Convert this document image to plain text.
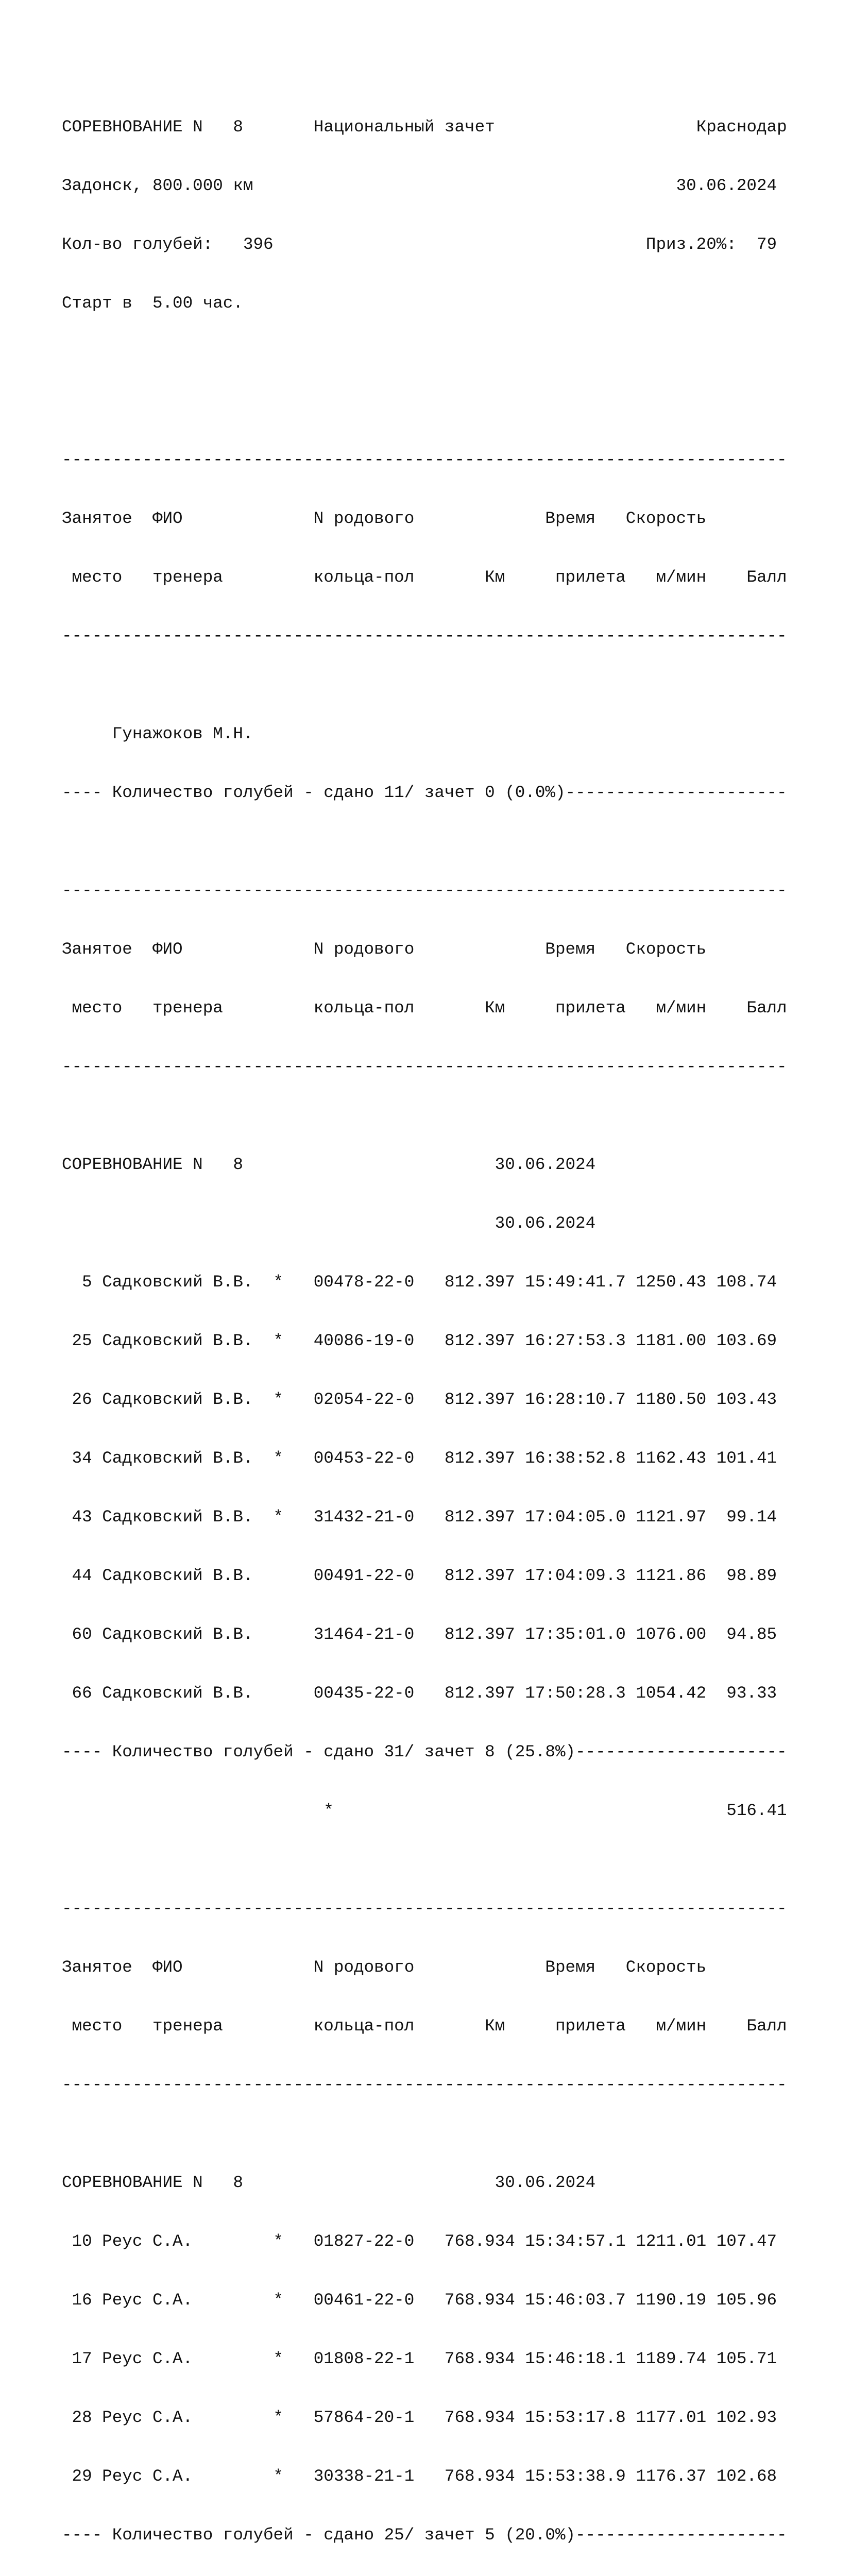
СОРЕВНОВАНИЕ N   8	Национальный зачет	Краснодар

Задонск, 800.000 км	30.06.2024

Кол-во голубей:   396	Приз.20%:  79

Старт в  5.00 час.

------------------------------------------------------------------------

Занятое  ФИО             N родового             Время   Скорость

место   тренера         кольца-пол       Км     прилета   м/мин    Балл

------------------------------------------------------------------------

Гунажоков М.Н.

---- Количество голубей - сдано 11/ зачет 0 (0.0%)----------------------

------------------------------------------------------------------------

Занятое  ФИО             N родового             Время   Скорость

место   тренера         кольца-пол       Км     прилета   м/мин    Балл

------------------------------------------------------------------------

СОРЕВНОВАНИЕ N   8                         30.06.2024

30.06.2024

5 Садковский В.В.  *   00478-22-0   812.397 15:49:41.7 1250.43 108.74

25 Садковский В.В.  *   40086-19-0   812.397 16:27:53.3 1181.00 103.69

26 Садковский В.В.  *   02054-22-0   812.397 16:28:10.7 1180.50 103.43

34 Садковский В.В.  *   00453-22-0   812.397 16:38:52.8 1162.43 101.41

43 Садковский В.В.  *   31432-21-0   812.397 17:04:05.0 1121.97  99.14

44 Садковский В.В.      00491-22-0   812.397 17:04:09.3 1121.86  98.89

60 Садковский В.В.      31464-21-0   812.397 17:35:01.0 1076.00  94.85

66 Садковский В.В.      00435-22-0   812.397 17:50:28.3 1054.42  93.33

---- Количество голубей - сдано 31/ зачет 8 (25.8%)---------------------

*                                       516.41

------------------------------------------------------------------------

Занятое  ФИО             N родового             Время   Скорость

место   тренера         кольца-пол       Км     прилета   м/мин    Балл

------------------------------------------------------------------------

СОРЕВНОВАНИЕ N   8                         30.06.2024

10 Реус С.А.        *   01827-22-0   768.934 15:34:57.1 1211.01 107.47

16 Реус С.А.        *   00461-22-0   768.934 15:46:03.7 1190.19 105.96

17 Реус С.А.        *   01808-22-1   768.934 15:46:18.1 1189.74 105.71

28 Реус С.А.        *   57864-20-1   768.934 15:53:17.8 1177.01 102.93

29 Реус С.А.        *   30338-21-1   768.934 15:53:38.9 1176.37 102.68

---- Количество голубей - сдано 25/ зачет 5 (20.0%)---------------------
